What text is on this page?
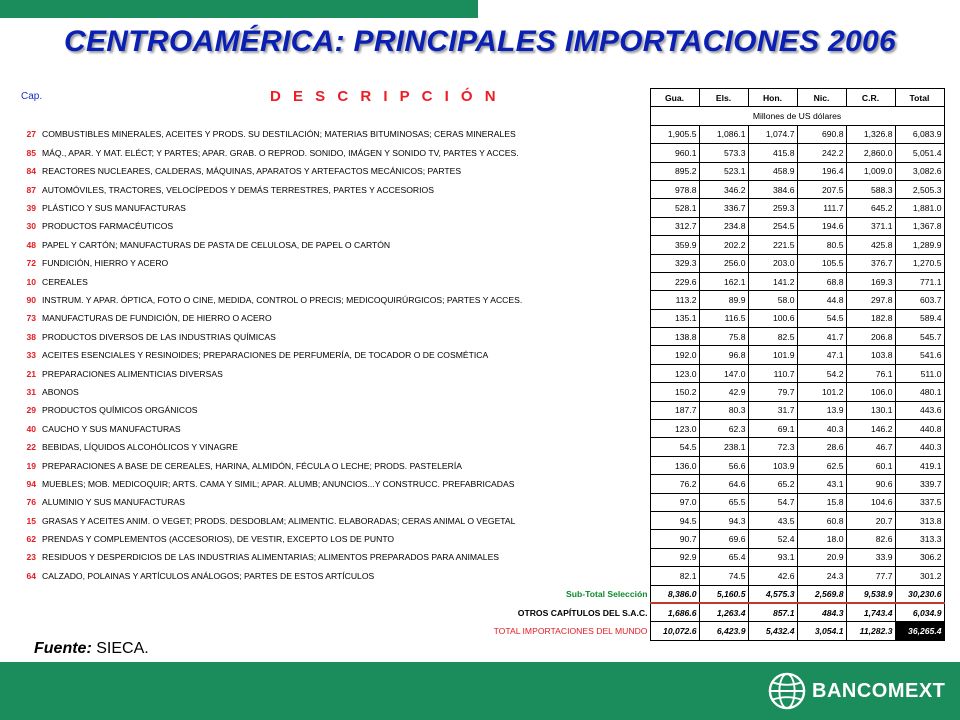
CENTROAMÉRICA: PRINCIPALES IMPORTACIONES 2006
Cap.	D E S C R I P C I Ó N
			Gua.	Els.	Hon.	Nic.	C.R.	Total
		Millones de US dólares					
27	COMBUSTIBLES MINERALES, ACEITES Y PRODS. SU DESTILACIÓN; MATERIAS BITUMINOSAS; CERAS MINERALES	1,905.5	1,086.1	1,074.7	690.8	1,326.8	6,083.9
85	MÁQ., APAR. Y MAT. ELÉCT; Y PARTES; APAR. GRAB. O REPROD. SONIDO, IMÁGEN Y SONIDO TV, PARTES Y ACCES.	960.1	573.3	415.8	242.2	2,860.0	5,051.4
84	REACTORES NUCLEARES, CALDERAS, MÁQUINAS, APARATOS Y ARTEFACTOS MECÁNICOS; PARTES	895.2	523.1	458.9	196.4	1,009.0	3,082.6
87	AUTOMÓVILES, TRACTORES, VELOCÍPEDOS Y DEMÁS TERRESTRES, PARTES Y ACCESORIOS	978.8	346.2	384.6	207.5	588.3	2,505.3
39	PLÁSTICO Y SUS MANUFACTURAS	528.1	336.7	259.3	111.7	645.2	1,881.0
30	PRODUCTOS FARMACÉUTICOS	312.7	234.8	254.5	194.6	371.1	1,367.8
48	PAPEL Y CARTÓN; MANUFACTURAS DE PASTA DE CELULOSA, DE PAPEL O CARTÓN	359.9	202.2	221.5	80.5	425.8	1,289.9
72	FUNDICIÓN, HIERRO Y ACERO	329.3	256.0	203.0	105.5	376.7	1,270.5
10	CEREALES	229.6	162.1	141.2	68.8	169.3	771.1
90	INSTRUM. Y APAR. ÓPTICA, FOTO O CINE, MEDIDA, CONTROL O PRECIS; MEDICOQUIRÚRGICOS; PARTES Y ACCES.	113.2	89.9	58.0	44.8	297.8	603.7
73	MANUFACTURAS DE FUNDICIÓN, DE HIERRO O ACERO	135.1	116.5	100.6	54.5	182.8	589.4
38	PRODUCTOS DIVERSOS DE LAS INDUSTRIAS QUÍMICAS	138.8	75.8	82.5	41.7	206.8	545.7
33	ACEITES ESENCIALES Y RESINOIDES; PREPARACIONES DE PERFUMERÍA, DE TOCADOR O DE COSMÉTICA	192.0	96.8	101.9	47.1	103.8	541.6
21	PREPARACIONES ALIMENTICIAS DIVERSAS	123.0	147.0	110.7	54.2	76.1	511.0
31	ABONOS	150.2	42.9	79.7	101.2	106.0	480.1
29	PRODUCTOS QUÍMICOS ORGÁNICOS	187.7	80.3	31.7	13.9	130.1	443.6
40	CAUCHO Y SUS MANUFACTURAS	123.0	62.3	69.1	40.3	146.2	440.8
22	BEBIDAS, LÍQUIDOS ALCOHÓLICOS Y VINAGRE	54.5	238.1	72.3	28.6	46.7	440.3
19	PREPARACIONES A BASE DE CEREALES, HARINA, ALMIDÓN, FÉCULA O LECHE; PRODS. PASTELERÍA	136.0	56.6	103.9	62.5	60.1	419.1
94	MUEBLES; MOB. MEDICOQUIR; ARTS. CAMA Y SIMIL; APAR. ALUMB; ANUNCIOS...Y CONSTRUCC. PREFABRICADAS	76.2	64.6	65.2	43.1	90.6	339.7
76	ALUMINIO Y SUS MANUFACTURAS	97.0	65.5	54.7	15.8	104.6	337.5
15	GRASAS Y ACEITES ANIM. O VEGET; PRODS. DESDOBLAM; ALIMENTIC. ELABORADAS; CERAS ANIMAL O VEGETAL	94.5	94.3	43.5	60.8	20.7	313.8
62	PRENDAS Y COMPLEMENTOS (ACCESORIOS), DE VESTIR, EXCEPTO LOS DE PUNTO	90.7	69.6	52.4	18.0	82.6	313.3
23	RESIDUOS Y DESPERDICIOS DE LAS INDUSTRIAS ALIMENTARIAS; ALIMENTOS PREPARADOS PARA ANIMALES	92.9	65.4	93.1	20.9	33.9	306.2
64	CALZADO, POLAINAS Y ARTÍCULOS ANÁLOGOS; PARTES DE ESTOS ARTÍCULOS	82.1	74.5	42.6	24.3	77.7	301.2
Sub-Total Selección		8,386.0	5,160.5	4,575.3	2,569.8	9,538.9	30,230.6
OTROS CAPÍTULOS DEL S.A.C.		1,686.6	1,263.4	857.1	484.3	1,743.4	6,034.9
TOTAL IMPORTACIONES DEL MUNDO		10,072.6	6,423.9	5,432.4	3,054.1	11,282.3	36,265.4
Fuente: SIECA.
BANCOMEXT
